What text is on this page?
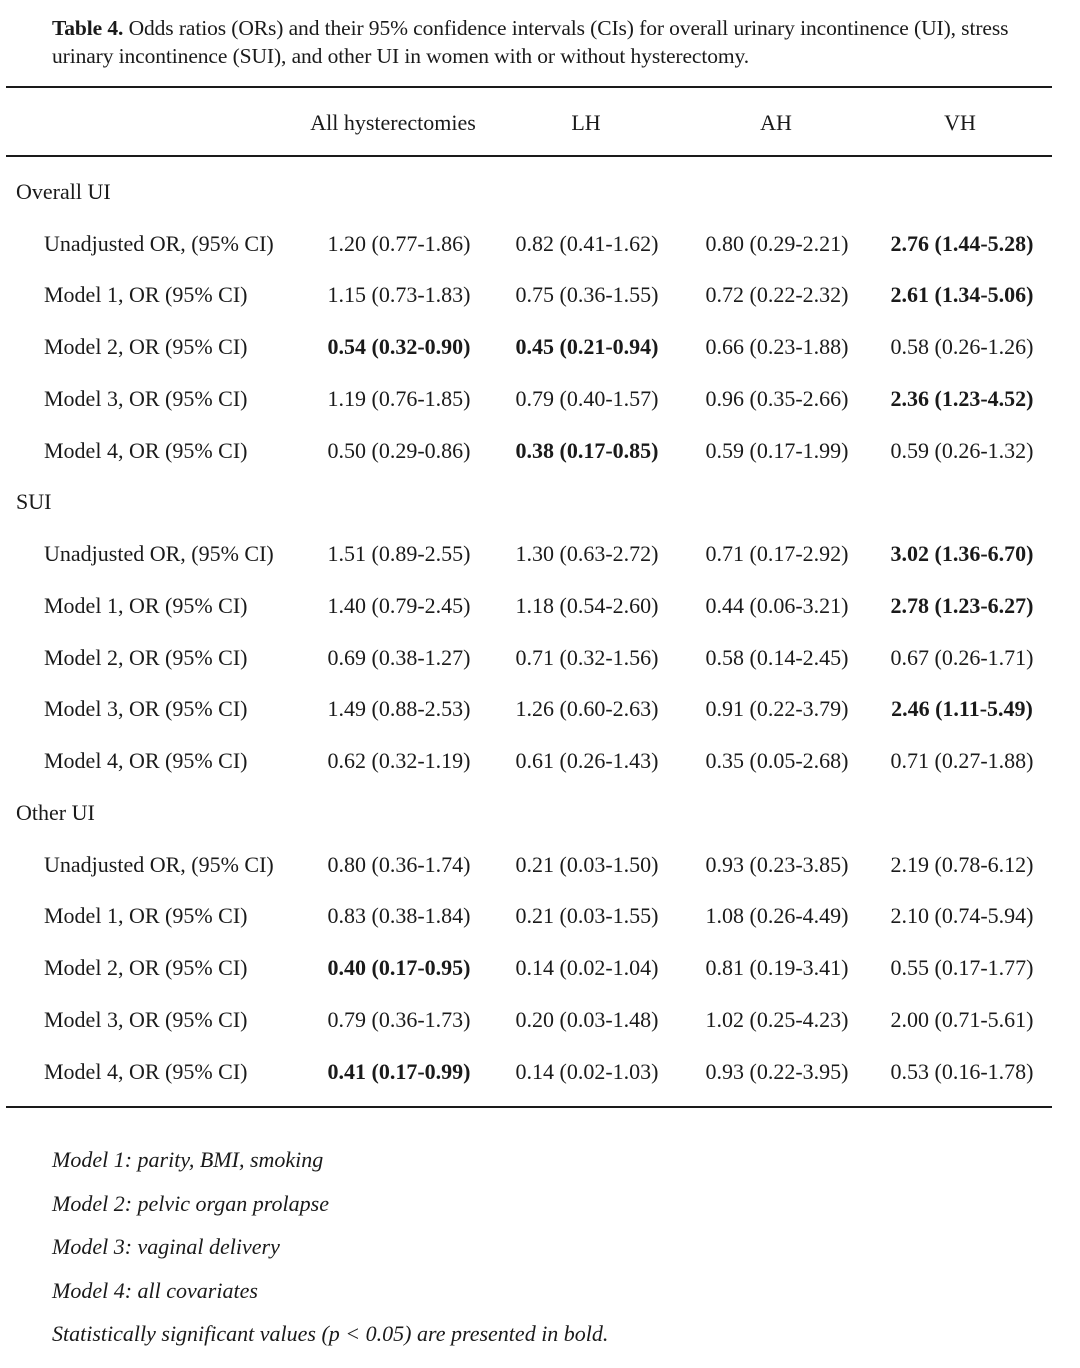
Table 4. Odds ratios (ORs) and their 95% confidence intervals (CIs) for overall urinary incontinence (UI), stress urinary incontinence (SUI), and other UI in women with or without hysterectomy.
All hysterectomies	LH	AH	VH
Overall UI				
Unadjusted OR, (95% CI)	1.20 (0.77-1.86)	0.82 (0.41-1.62)	0.80 (0.29-2.21)	2.76 (1.44-5.28)
Model 1, OR (95% CI)	1.15 (0.73-1.83)	0.75 (0.36-1.55)	0.72 (0.22-2.32)	2.61 (1.34-5.06)
Model 2, OR (95% CI)	0.54 (0.32-0.90)	0.45 (0.21-0.94)	0.66 (0.23-1.88)	0.58 (0.26-1.26)
Model 3, OR (95% CI)	1.19 (0.76-1.85)	0.79 (0.40-1.57)	0.96 (0.35-2.66)	2.36 (1.23-4.52)
Model 4, OR (95% CI)	0.50 (0.29-0.86)	0.38 (0.17-0.85)	0.59 (0.17-1.99)	0.59 (0.26-1.32)
SUI				
Unadjusted OR, (95% CI)	1.51 (0.89-2.55)	1.30 (0.63-2.72)	0.71 (0.17-2.92)	3.02 (1.36-6.70)
Model 1, OR (95% CI)	1.40 (0.79-2.45)	1.18 (0.54-2.60)	0.44 (0.06-3.21)	2.78 (1.23-6.27)
Model 2, OR (95% CI)	0.69 (0.38-1.27)	0.71 (0.32-1.56)	0.58 (0.14-2.45)	0.67 (0.26-1.71)
Model 3, OR (95% CI)	1.49 (0.88-2.53)	1.26 (0.60-2.63)	0.91 (0.22-3.79)	2.46 (1.11-5.49)
Model 4, OR (95% CI)	0.62 (0.32-1.19)	0.61 (0.26-1.43)	0.35 (0.05-2.68)	0.71 (0.27-1.88)
Other UI				
Unadjusted OR, (95% CI)	0.80 (0.36-1.74)	0.21 (0.03-1.50)	0.93 (0.23-3.85)	2.19 (0.78-6.12)
Model 1, OR (95% CI)	0.83 (0.38-1.84)	0.21 (0.03-1.55)	1.08 (0.26-4.49)	2.10 (0.74-5.94)
Model 2, OR (95% CI)	0.40 (0.17-0.95)	0.14 (0.02-1.04)	0.81 (0.19-3.41)	0.55 (0.17-1.77)
Model 3, OR (95% CI)	0.79 (0.36-1.73)	0.20 (0.03-1.48)	1.02 (0.25-4.23)	2.00 (0.71-5.61)
Model 4, OR (95% CI)	0.41 (0.17-0.99)	0.14 (0.02-1.03)	0.93 (0.22-3.95)	0.53 (0.16-1.78)
Model 1: parity, BMI, smoking
Model 2: pelvic organ prolapse
Model 3: vaginal delivery
Model 4: all covariates
Statistically significant values (p < 0.05) are presented in bold.
